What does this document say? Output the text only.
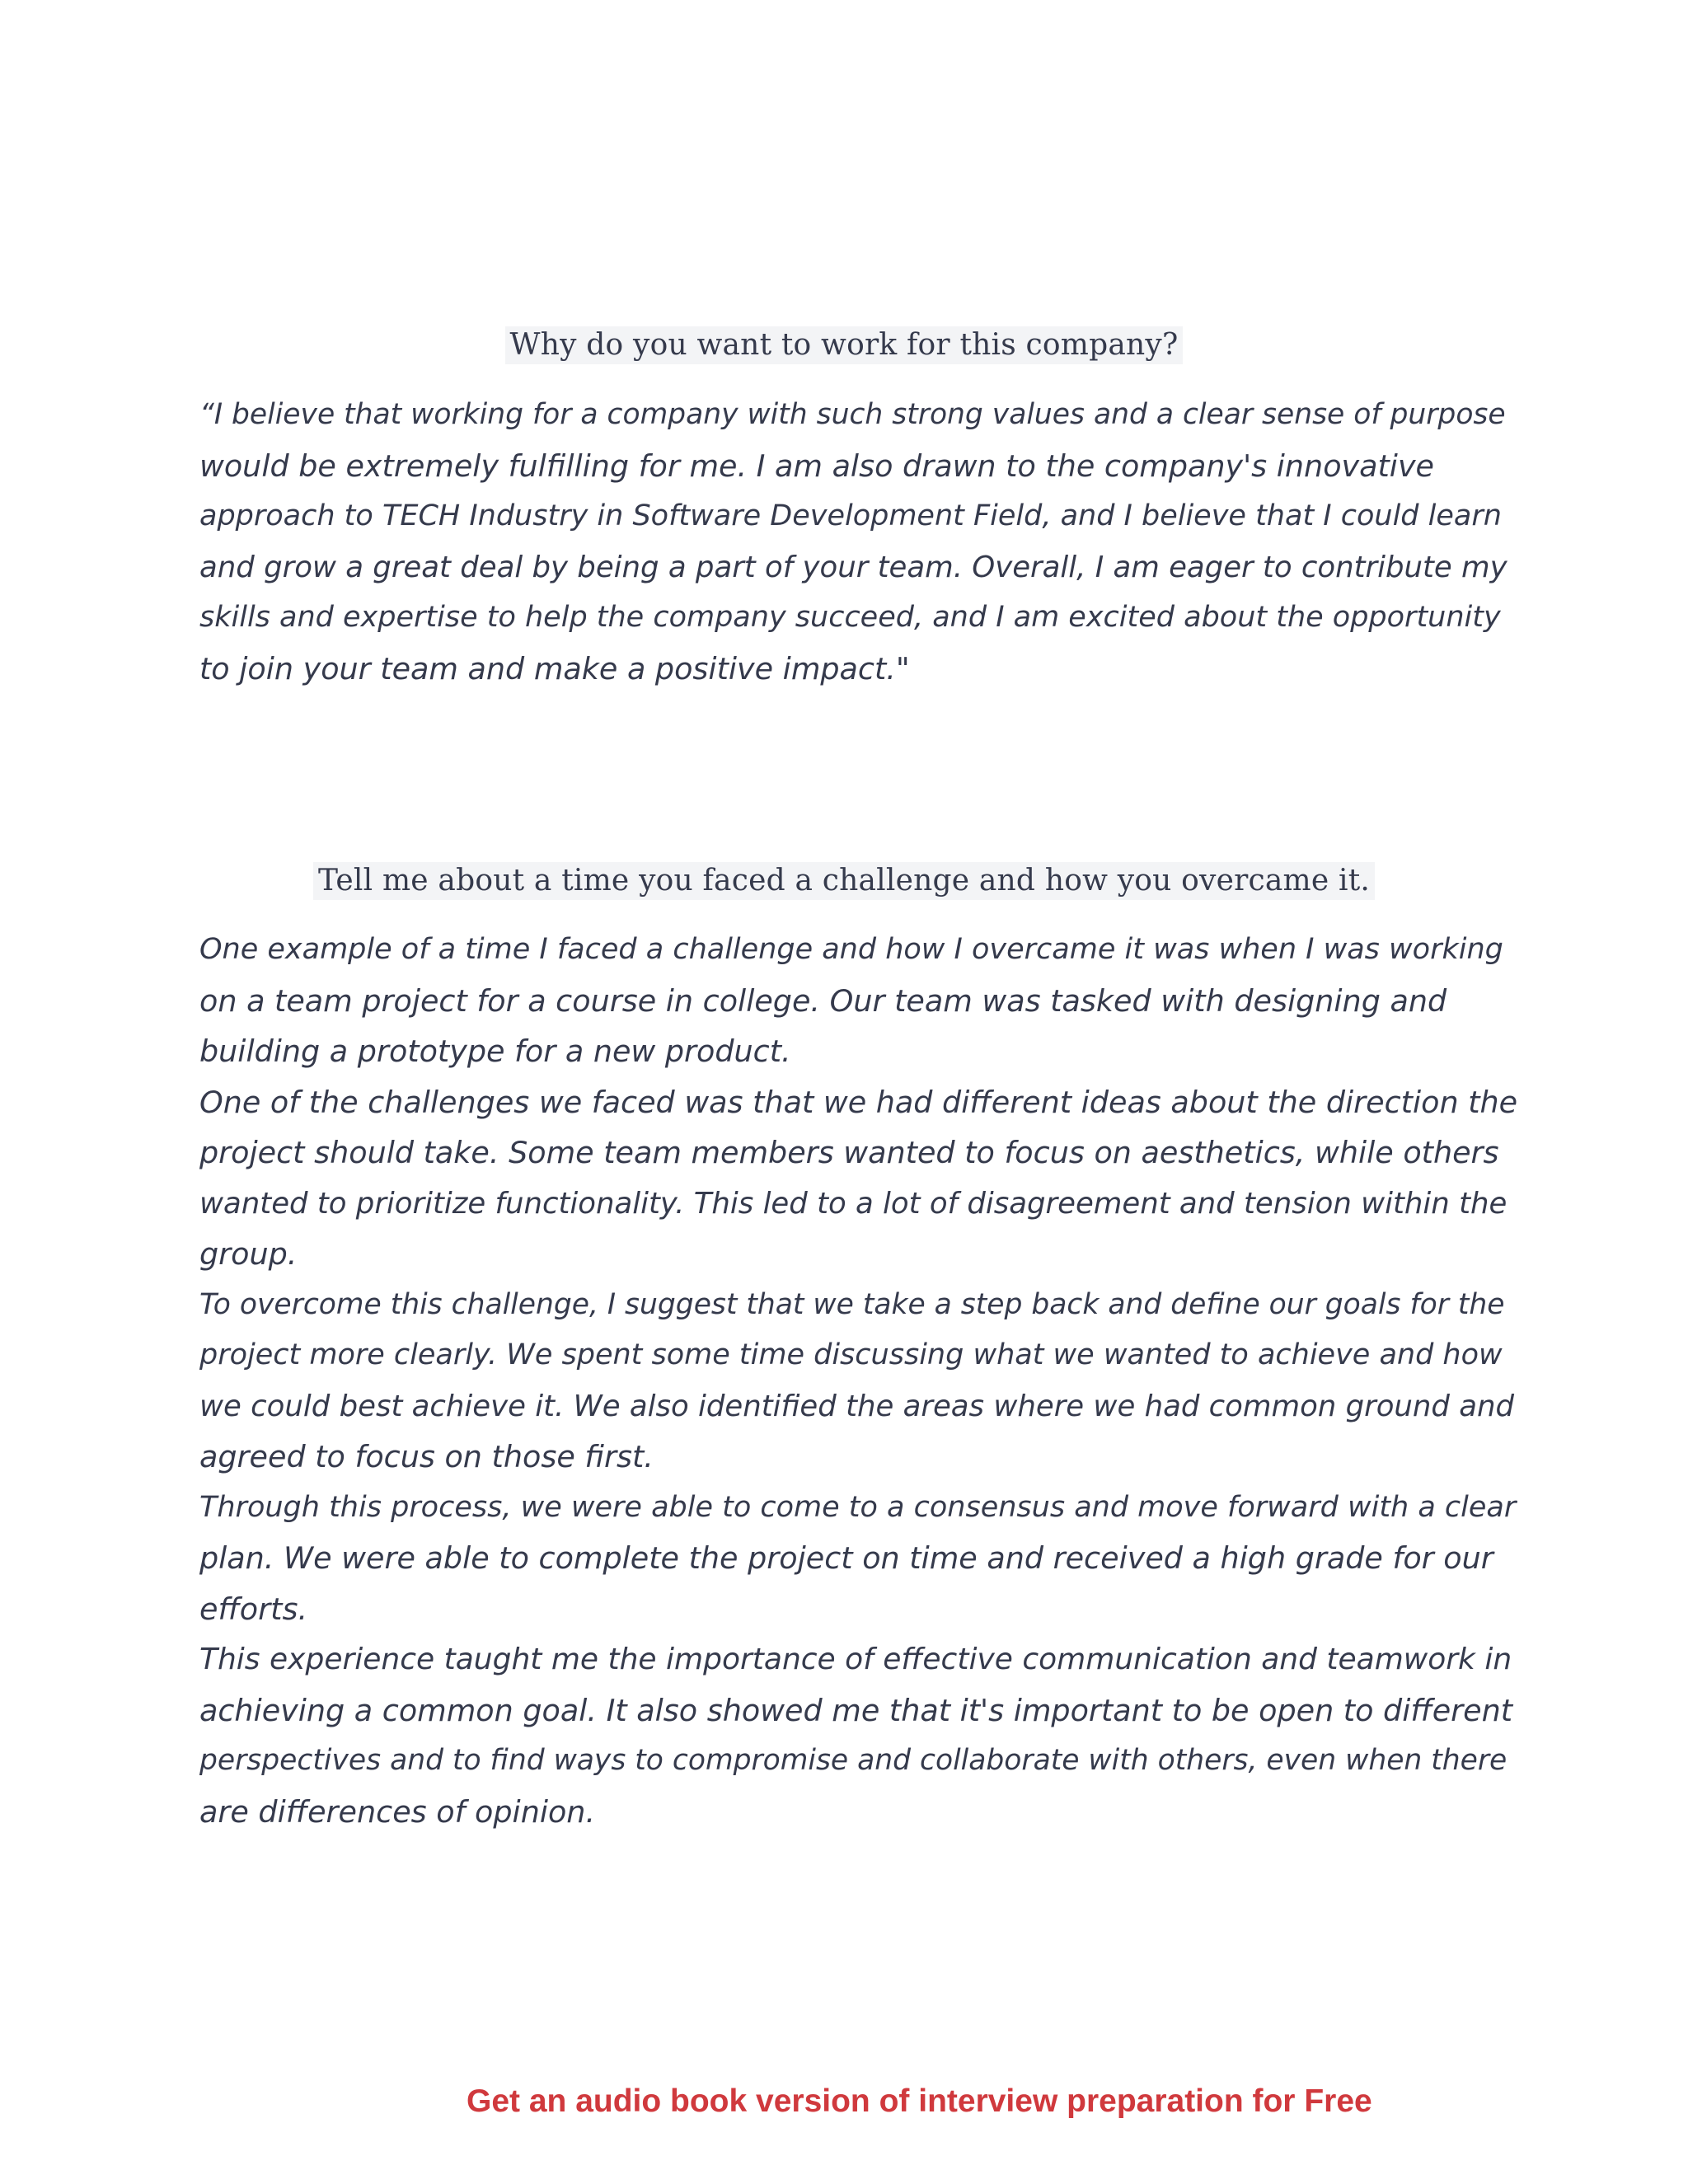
Why do you want to work for this company?
“I believe that working for a company with such strong values and a clear sense of purpose
would be extremely fulfilling for me. I am also drawn to the company's innovative
approach to TECH Industry in Software Development Field, and I believe that I could learn
and grow a great deal by being a part of your team. Overall, I am eager to contribute my
skills and expertise to help the company succeed, and I am excited about the opportunity
to join your team and make a positive impact."
Tell me about a time you faced a challenge and how you overcame it.
One example of a time I faced a challenge and how I overcame it was when I was working
on a team project for a course in college. Our team was tasked with designing and
building a prototype for a new product.
One of the challenges we faced was that we had different ideas about the direction the
project should take. Some team members wanted to focus on aesthetics, while others
wanted to prioritize functionality. This led to a lot of disagreement and tension within the
group.
To overcome this challenge, I suggest that we take a step back and define our goals for the
project more clearly. We spent some time discussing what we wanted to achieve and how
we could best achieve it. We also identified the areas where we had common ground and
agreed to focus on those first.
Through this process, we were able to come to a consensus and move forward with a clear
plan. We were able to complete the project on time and received a high grade for our
efforts.
This experience taught me the importance of effective communication and teamwork in
achieving a common goal. It also showed me that it's important to be open to different
perspectives and to find ways to compromise and collaborate with others, even when there
are differences of opinion.
Get an audio book version of interview preparation for Free
